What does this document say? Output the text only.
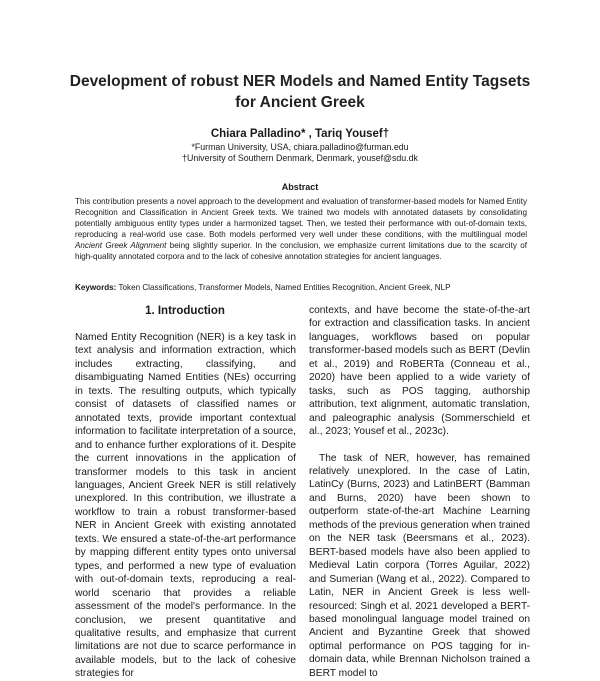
Development of robust NER Models and Named Entity Tagsets for Ancient Greek
Chiara Palladino* , Tariq Yousef†
*Furman University, USA, chiara.palladino@furman.edu
†University of Southern Denmark, Denmark, yousef@sdu.dk
Abstract
This contribution presents a novel approach to the development and evaluation of transformer-based models for Named Entity Recognition and Classification in Ancient Greek texts. We trained two models with annotated datasets by consolidating potentially ambiguous entity types under a harmonized tagset. Then, we tested their performance with out-of-domain texts, reproducing a real-world use case. Both models performed very well under these conditions, with the multilingual model Ancient Greek Alignment being slightly superior. In the conclusion, we emphasize current limitations due to the scarcity of high-quality annotated corpora and to the lack of cohesive annotation strategies for ancient languages.
Keywords: Token Classifications, Transformer Models, Named Entities Recognition, Ancient Greek, NLP
1. Introduction

Named Entity Recognition (NER) is a key task in text analysis and information extraction, which includes extracting, classifying, and disambiguating Named Entities (NEs) occurring in texts. The resulting outputs, which typically consist of datasets of classified names or annotated texts, provide important contextual information to facilitate interpretation of a source, and to enhance further explorations of it. Despite the current innovations in the application of transformer models to this task in ancient languages, Ancient Greek NER is still relatively unexplored. In this contribution, we illustrate a workflow to train a robust transformer-based NER in Ancient Greek with existing annotated texts. We ensured a state-of-the-art performance by mapping different entity types onto universal types, and performed a new type of evaluation with out-of-domain texts, reproducing a real-world scenario that provides a reliable assessment of the model's performance. In the conclusion, we present quantitative and qualitative results, and emphasize that current limitations are not due to scarce performance in available models, but to the lack of cohesive strategies for

contexts, and have become the state-of-the-art for extraction and classification tasks. In ancient languages, workflows based on popular transformer-based models such as BERT (Devlin et al., 2019) and RoBERTa (Conneau et al., 2020) have been applied to a wide variety of tasks, such as POS tagging, authorship attribution, text alignment, automatic translation, and paleographic analysis (Sommerschield et al., 2023; Yousef et al., 2023c).

The task of NER, however, has remained relatively unexplored. In the case of Latin, LatinCy (Burns, 2023) and LatinBERT (Bamman and Burns, 2020) have been shown to outperform state-of-the-art Machine Learning methods of the previous generation when trained on the NER task (Beersmans et al., 2023). BERT-based models have also been applied to Medieval Latin corpora (Torres Aguilar, 2022) and Sumerian (Wang et al., 2022). Compared to Latin, NER in Ancient Greek is less well-resourced: Singh et al. 2021 developed a BERT-based monolingual language model trained on Ancient and Byzantine Greek that showed optimal performance on POS tagging for in-domain data, while Brennan Nicholson trained a BERT model to
